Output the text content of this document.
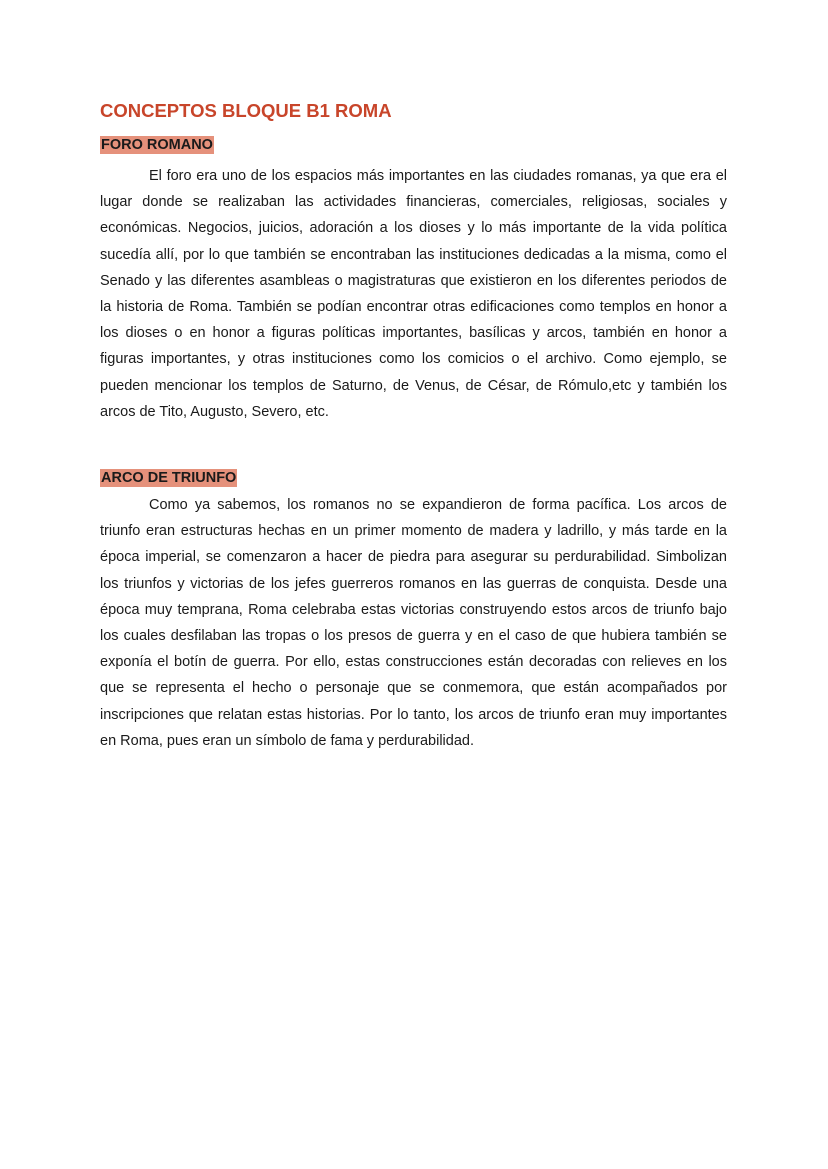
CONCEPTOS BLOQUE B1 ROMA
FORO ROMANO

El foro era uno de los espacios más importantes en las ciudades romanas, ya que era el lugar donde se realizaban las actividades financieras, comerciales, religiosas, sociales y económicas. Negocios, juicios, adoración a los dioses y lo más importante de la vida política sucedía allí, por lo que también se encontraban las instituciones dedicadas a la misma, como el Senado y las diferentes asambleas o magistraturas que existieron en los diferentes periodos de la historia de Roma. También se podían encontrar otras edificaciones como templos en honor a los dioses o en honor a figuras políticas importantes, basílicas y arcos, también en honor a figuras importantes, y otras instituciones como los comicios o el archivo. Como ejemplo, se pueden mencionar los templos de Saturno, de Venus, de César, de Rómulo,etc y también los arcos de Tito, Augusto, Severo, etc.

ARCO DE TRIUNFO

Como ya sabemos, los romanos no se expandieron de forma pacífica. Los arcos de triunfo eran estructuras hechas en un primer momento de madera y ladrillo, y más tarde en la época imperial, se comenzaron a hacer de piedra para asegurar su perdurabilidad. Simbolizan los triunfos y victorias de los jefes guerreros romanos en las guerras de conquista. Desde una época muy temprana, Roma celebraba estas victorias construyendo estos arcos de triunfo bajo los cuales desfilaban las tropas o los presos de guerra y en el caso de que hubiera también se exponía el botín de guerra. Por ello, estas construcciones están decoradas con relieves en los que se representa el hecho o personaje que se conmemora, que están acompañados por inscripciones que relatan estas historias. Por lo tanto, los arcos de triunfo eran muy importantes en Roma, pues eran un símbolo de fama y perdurabilidad.
